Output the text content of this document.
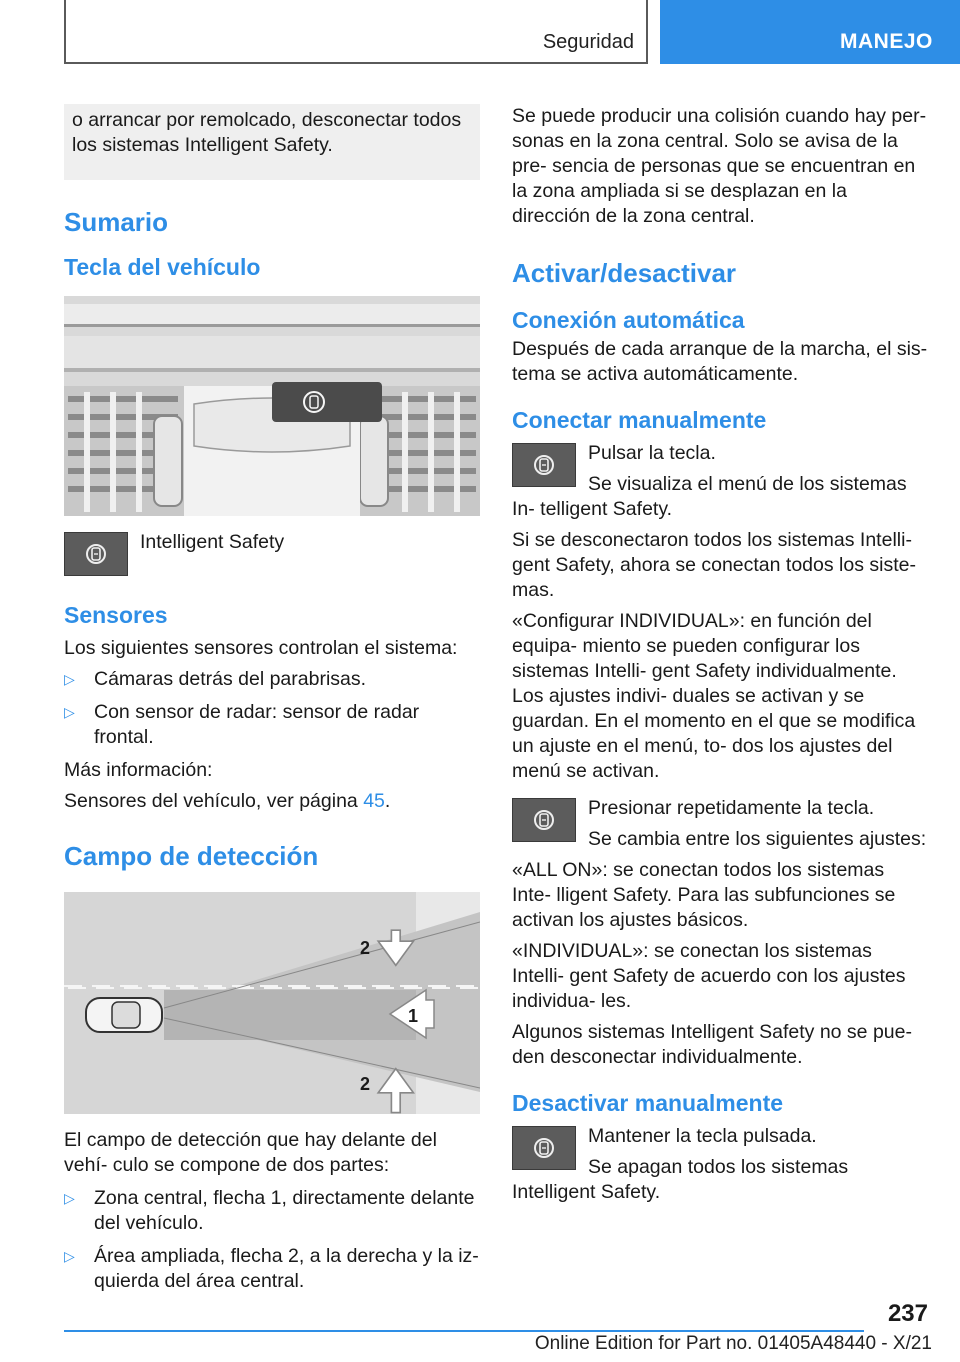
Seguridad	MANEJO

o arrancar por remolcado, desconectar todos los sistemas Intelligent Safety.

Sumario
Tecla del vehículo

Intelligent Safety

Sensores

Los siguientes sensores controlan el sistema:

▷ Cámaras detrás del parabrisas.
▷ Con sensor de radar: sensor de radar frontal.

Más información:

Sensores del vehículo, ver página 45.

Campo de detección
1
2
2

El campo de detección que hay delante del vehí- culo se compone de dos partes:

▷ Zona central, flecha 1, directamente delante del vehículo.
▷ Área ampliada, flecha 2, a la derecha y la iz- quierda del área central.

Se puede producir una colisión cuando hay per- sonas en la zona central. Solo se avisa de la pre- sencia de personas que se encuentran en la zona ampliada si se desplazan en la dirección de la zona central.

Activar/desactivar
Conexión automática

Después de cada arranque de la marcha, el sis- tema se activa automáticamente.

Conectar manualmente

Pulsar la tecla.

Se visualiza el menú de los sistemas In- telligent Safety.

Si se desconectaron todos los sistemas Intelli- gent Safety, ahora se conectan todos los siste- mas.

«Configurar INDIVIDUAL»: en función del equipa- miento se pueden configurar los sistemas Intelli- gent Safety individualmente. Los ajustes indivi- duales se activan y se guardan. En el momento en el que se modifica un ajuste en el menú, to- dos los ajustes del menú se activan.

Presionar repetidamente la tecla.

Se cambia entre los siguientes ajustes:

«ALL ON»: se conectan todos los sistemas Inte- lligent Safety. Para las subfunciones se activan los ajustes básicos.

«INDIVIDUAL»: se conectan los sistemas Intelli- gent Safety de acuerdo con los ajustes individua- les.

Algunos sistemas Intelligent Safety no se pue- den desconectar individualmente.

Desactivar manualmente

Mantener la tecla pulsada.

Se apagan todos los sistemas Intelligent Safety.

237
Online Edition for Part no. 01405A48440 - X/21
